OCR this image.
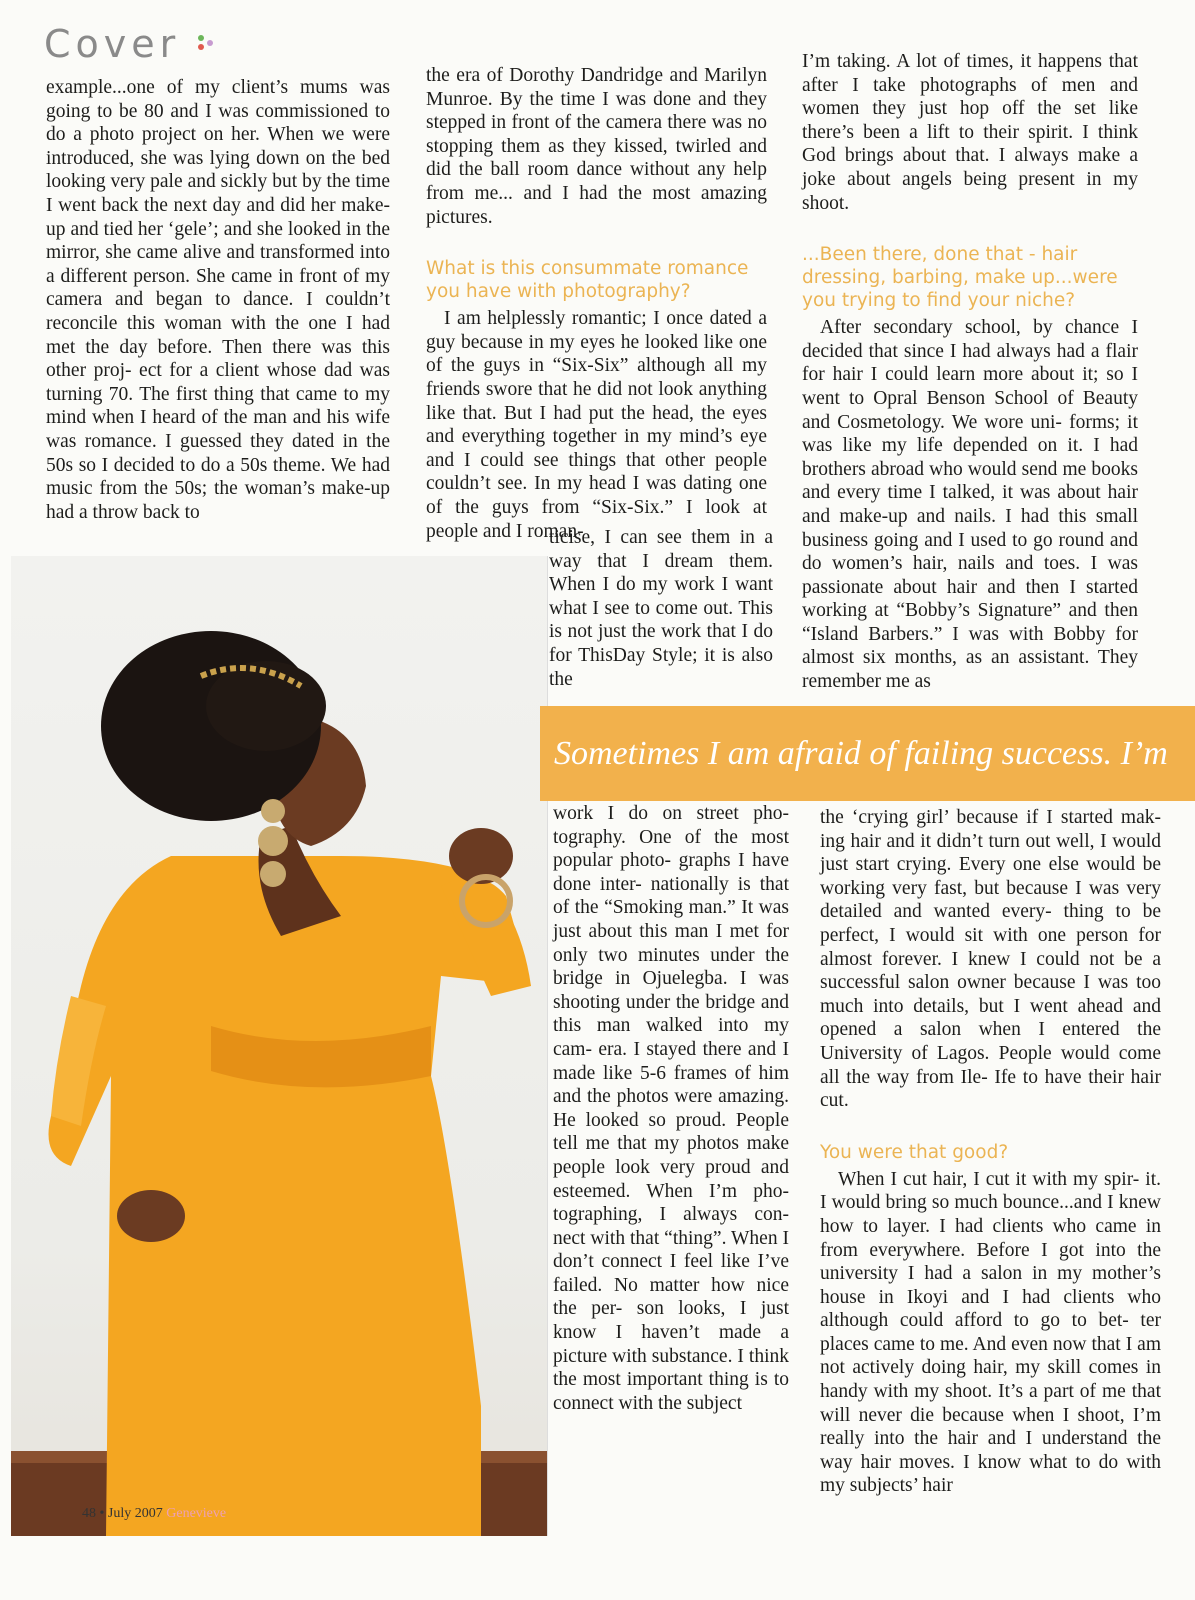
Cover

example...one of my client’s mums was going to be 80 and I was commissioned to do a photo project on her. When we were introduced, she was lying down on the bed looking very pale and sickly but by the time I went back the next day and did her make-up and tied her ‘gele’; and she looked in the mirror, she came alive and transformed into a different person. She came in front of my camera and began to dance. I couldn’t reconcile this woman with the one I had met the day before. Then there was this other proj- ect for a client whose dad was turning 70. The first thing that came to my mind when I heard of the man and his wife was romance. I guessed they dated in the 50s so I decided to do a 50s theme. We had music from the 50s; the woman’s make-up had a throw back to

the era of Dorothy Dandridge and Marilyn Munroe. By the time I was done and they stepped in front of the camera there was no stopping them as they kissed, twirled and did the ball room dance without any help from me... and I had the most amazing pictures.

What is this consummate romance you have with photography?

I am helplessly romantic; I once dated a guy because in my eyes he looked like one of the guys in “Six-Six” although all my friends swore that he did not look anything like that. But I had put the head, the eyes and everything together in my mind’s eye and I could see things that other people couldn’t see. In my head I was dating one of the guys from “Six-Six.” I look at people and I roman-

ticise, I can see them in a way that I dream them. When I do my work I want what I see to come out. This is not just the work that I do for ThisDay Style; it is also the

I’m taking. A lot of times, it happens that after I take photographs of men and women they just hop off the set like there’s been a lift to their spirit. I think God brings about that. I always make a joke about angels being present in my shoot.

...Been there, done that - hair dressing, barbing, make up...were you trying to find your niche?

After secondary school, by chance I decided that since I had always had a flair for hair I could learn more about it; so I went to Opral Benson School of Beauty and Cosmetology. We wore uni- forms; it was like my life depended on it. I had brothers abroad who would send me books and every time I talked, it was about hair and make-up and nails. I had this small business going and I used to go round and do women’s hair, nails and toes. I was passionate about hair and then I started working at “Bobby’s Signature” and then “Island Barbers.” I was with Bobby for almost six months, as an assistant. They remember me as

Sometimes I am afraid of failing success. I’m

work I do on street pho- tography. One of the most popular photo- graphs I have done inter- nationally is that of the “Smoking man.” It was just about this man I met for only two minutes under the bridge in Ojuelegba. I was shooting under the bridge and this man walked into my cam- era. I stayed there and I made like 5-6 frames of him and the photos were amazing. He looked so proud. People tell me that my photos make people look very proud and esteemed. When I’m pho- tographing, I always con- nect with that “thing”. When I don’t connect I feel like I’ve failed. No matter how nice the per- son looks, I just know I haven’t made a picture with substance. I think the most important thing is to connect with the subject

the ‘crying girl’ because if I started mak- ing hair and it didn’t turn out well, I would just start crying. Every one else would be working very fast, but because I was very detailed and wanted every- thing to be perfect, I would sit with one person for almost forever. I knew I could not be a successful salon owner because I was too much into details, but I went ahead and opened a salon when I entered the University of Lagos. People would come all the way from Ile- Ife to have their hair cut.

You were that good?

When I cut hair, I cut it with my spir- it. I would bring so much bounce...and I knew how to layer. I had clients who came in from everywhere. Before I got into the university I had a salon in my mother’s house in Ikoyi and I had clients who although could afford to go to bet- ter places came to me. And even now that I am not actively doing hair, my skill comes in handy with my shoot. It’s a part of me that will never die because when I shoot, I’m really into the hair and I understand the way hair moves. I know what to do with my subjects’ hair

48 • July 2007 Genevieve
